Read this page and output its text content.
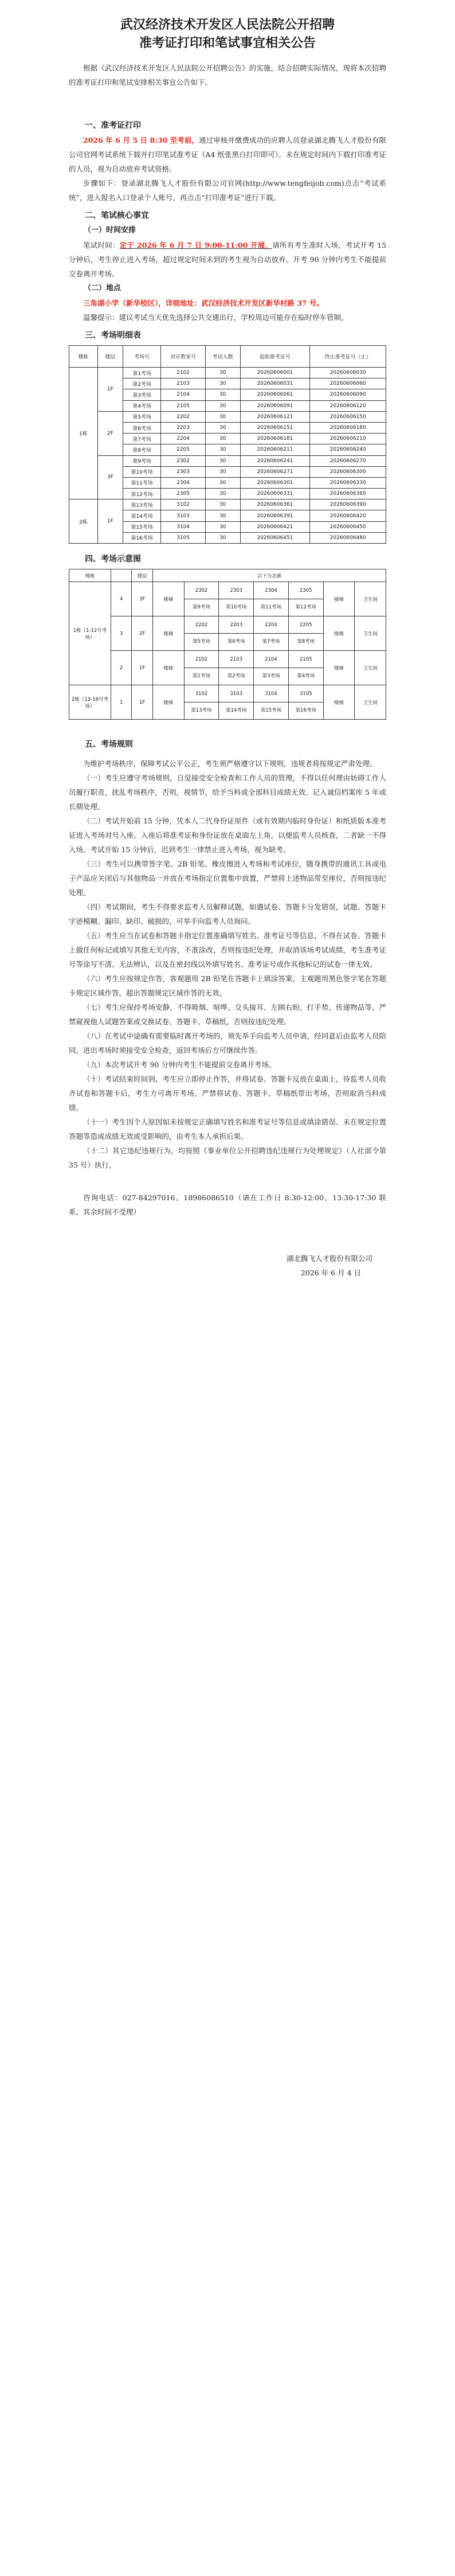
武汉经济技术开发区人民法院公开招聘
准考证打印和笔试事宜相关公告

根据《武汉经济技术开发区人民法院公开招聘公告》的实施，结合招聘实际情况，现将本次招聘的准考证打印和笔试安排相关事宜公告如下。

一、准考证打印

2026 年 6 月 5 日 8:30 至考前，通过审核并缴费成功的应聘人员登录湖北腾飞人才股份有限公司官网考试系统下载并打印笔试准考证（A4 纸张黑白打印即可）。未在规定时间内下载打印准考证的人员，视为自动放弃考试资格。

步骤如下：登录湖北腾飞人才股份有限公司官网(http://www.tengfeijob.com)点击“考试系统”，进入报名入口登录个人账号，再点击“打印准考证”进行下载。

二、笔试核心事宜
（一）时间安排

笔试时间：定于 2026 年 6 月 7 日 9:00-11:00 开展，请所有考生准时入场，考试开考 15 分钟后，考生停止进入考场，超过规定时间未到的考生视为自动放弃。开考 90 分钟内考生不能提前交卷离开考场。

（二）地点

三角湖小学（新华校区），详细地址：武汉经济技术开发区新华村路 37 号。

温馨提示：建议考试当天优先选择公共交通出行，学校周边可能存在临时停车管制。

三、考场明细表
楼栋	楼层	考场号	对应教室号	考试人数	起始准考证号	终止准考证号（止）
1栋	1F	第1考场	2102	30	20260606001	20260606030
		第2考场	2103	30	20260606031	20260606060
		第3考场	2104	30	20260606061	20260606090
		第4考场	2105	30	20260606091	20260606120
	2F	第5考场	2202	30	20260606121	20260606150
		第6考场	2203	30	20260606151	20260606180
		第7考场	2204	30	20260606181	20260606210
		第8考场	2205	30	20260606211	20260606240
	3F	第9考场	2302	30	20260606241	20260606270
		第10考场	2303	30	20260606271	20260606300
		第11考场	2304	30	20260606301	20260606330
		第12考场	2305	30	20260606331	20260606360
2栋	1F	第13考场	3102	30	20260606361	20260606390
		第14考场	3103	30	20260606391	20260606420
		第15考场	3104	30	20260606421	20260606450
		第16考场	3105	30	20260606451	20260606480
四、考场示意图
楼栋		楼层	以下为走廊						
1栋（1-12号考场）	4	3F	楼梯	2302	2303	2304	2305	楼梯	卫生间
				第9考场	第10考场	第11考场	第12考场		
	3	2F	楼梯	2202	2203	2204	2205	楼梯	卫生间
				第5考场	第6考场	第7考场	第8考场		
	2	1F	楼梯	2102	2103	2104	2105	楼梯	卫生间
				第1考场	第2考场	第3考场	第4考场		
2栋（13-16号考场）	1	1F	楼梯	3102	3103	3104	3105	楼梯	卫生间
				第13考场	第14考场	第15考场	第16考场		
五、考场规则

为维护考场秩序，保障考试公平公正，考生须严格遵守以下规则，违规者将按规定严肃处理。

（一）考生应遵守考场规则，自觉接受安全检查和工作人员的管理，不得以任何理由妨碍工作人员履行职责，扰乱考场秩序，否则，视情节，给予当科或全部科目成绩无效、记入诚信档案库 5 年或长期处理。

（二）考试开始前 15 分钟，凭本人二代身份证原件（或有效期内临时身份证）和纸质版本准考证进入考场对号入座。入座后将准考证和身份证放在桌面左上角，以便监考人员核查，二者缺一不得入场。考试开始 15 分钟后，迟到考生一律禁止进入考场，视为缺考。

（三）考生可以携带签字笔、2B 铅笔、橡皮擦进入考场和考试座位，随身携带的通讯工具或电子产品应关闭后与其他物品一并放在考场指定位置集中放置，严禁将上述物品带至座位，否则按违纪处理。

（四）考试期间，考生不得要求监考人员解释试题，如遇试卷、答题卡分发错误，试题、答题卡字迹模糊、漏印、缺印、破损的，可举手向监考人员询问。

（五）考生应当在试卷和答题卡指定位置准确填写姓名、准考证号等信息，不得在试卷、答题卡上做任何标记或填写其他无关内容，不准涂改，否则按违纪处理，并取消该场考试成绩，考生准考证号等涂写不清、无法辨认，以及在密封线以外填写姓名、准考证号或作其他标记的试卷一律无效。

（六）考生应按规定作答，客观题用 2B 铅笔在答题卡上填涂答案，主观题用黑色签字笔在答题卡规定区域作答，超出答题规定区域作答的无效。

（七）考生应保持考场安静，不得吸烟、喧哗、交头接耳、左顾右盼、打手势、传递物品等，严禁窥视他人试题答案或交换试卷、答题卡、草稿纸，否则按违纪处理。

（八）在考试中途确有需要临时离开考场的，须先举手向监考人员申请，经同意后由监考人员陪同，进出考场时须接受安全检查，返回考场后方可继续作答。

（九）本次考试开考 90 分钟内考生不能提前交卷离开考场。

（十）考试结束时间到，考生应立即停止作答，并将试卷、答题卡反放在桌面上，待监考人员收齐试卷和答题卡后，考生方可离开考场。严禁将试卷、答题卡、草稿纸带出考场，否则取消当科成绩。

（十一）考生因个人原因如未按规定正确填写姓名和准考证号等信息或填涂错误、未在规定位置答题等造成成绩无效或受影响的，由考生本人承担后果。

（十二）其它违纪违规行为，均按照《事业单位公开招聘违纪违规行为处理规定》（人社部令第 35 号）执行。

咨询电话：027-84297016、18986086510（请在工作日 8:30-12:00、13:30-17:30 联系，其余时间不受理）

湖北腾飞人才股份有限公司
2026 年 6 月 4 日
